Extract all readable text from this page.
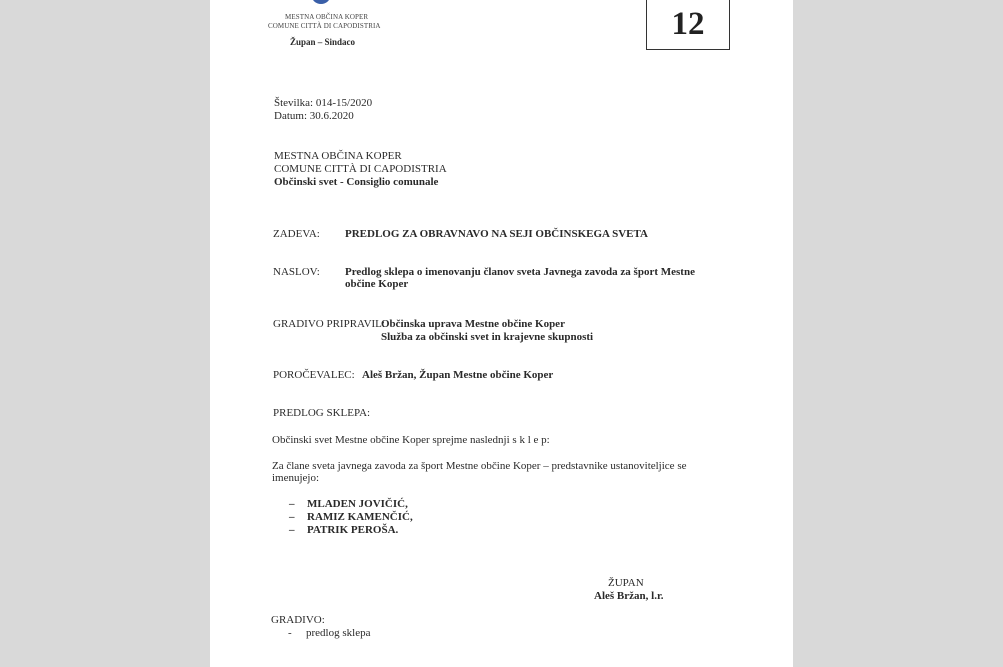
MESTNA OBČINA KOPER
COMUNE CITTÀ DI CAPODISTRIA
Župan – Sindaco
12
Številka: 014-15/2020
Datum: 30.6.2020
MESTNA OBČINA KOPER
COMUNE CITTÀ DI CAPODISTRIA
Občinski svet - Consiglio comunale
ZADEVA: PREDLOG ZA OBRAVNAVO NA SEJI OBČINSKEGA SVETA
NASLOV: Predlog sklepa o imenovanju članov sveta Javnega zavoda za šport Mestne
občine Koper
GRADIVO PRIPRAVIL:
Občinska uprava Mestne občine Koper
Služba za občinski svet in krajevne skupnosti
POROČEVALEC: Aleš Bržan, Župan Mestne občine Koper
PREDLOG SKLEPA:
Občinski svet Mestne občine Koper sprejme naslednji s k l e p:
Za člane sveta javnega zavoda za šport Mestne občine Koper – predstavnike ustanoviteljice se
imenujejo:
– MLADEN JOVIČIĆ,
– RAMIZ KAMENČIĆ,
– PATRIK PEROŠA.
ŽUPAN
Aleš Bržan, l.r.
GRADIVO:
- predlog sklepa
